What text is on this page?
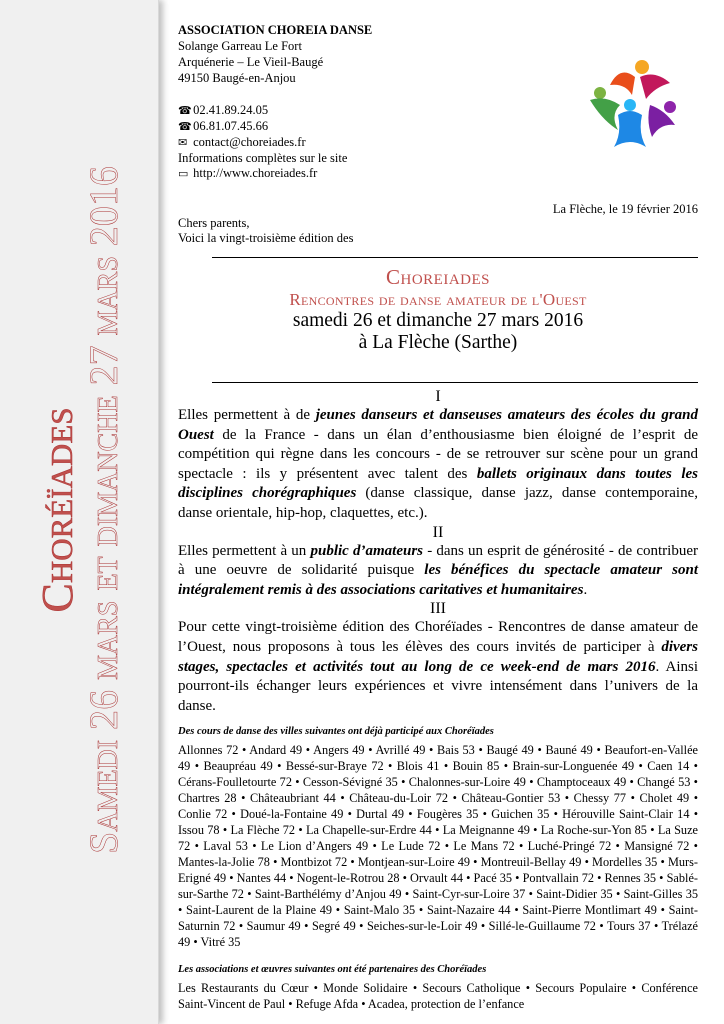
Choréïades Samedi 26 mars et dimanche 27 mars 2016
ASSOCIATION CHOREIA DANSE
Solange Garreau Le Fort
Arquénerie – Le Vieil-Baugé
49150 Baugé-en-Anjou
☎ 02.41.89.24.05
☎ 06.81.07.45.66
✉ contact@choreiades.fr
Informations complètes sur le site
▭ http://www.choreiades.fr
La Flèche, le 19 février 2016
Chers parents,
Voici la vingt-troisième édition des
Choreiades
Rencontres de danse amateur de l'Ouest
samedi 26 et dimanche 27 mars 2016
à La Flèche (Sarthe)
I

Elles permettent à de jeunes danseurs et danseuses amateurs des écoles du grand Ouest de la France - dans un élan d’enthousiasme bien éloigné de l’esprit de compétition qui règne dans les concours - de se retrouver sur scène pour un grand spectacle : ils y présentent avec talent des ballets originaux dans toutes les disciplines chorégraphiques (danse classique, danse jazz, danse contemporaine, danse orientale, hip-hop, claquettes, etc.).

II

Elles permettent à un public d’amateurs - dans un esprit de générosité - de contribuer à une oeuvre de solidarité puisque les bénéfices du spectacle amateur sont intégralement remis à des associations caritatives et humanitaires.

III

Pour cette vingt-troisième édition des Choréïades - Rencontres de danse amateur de l’Ouest, nous proposons à tous les élèves des cours invités de participer à divers stages, spectacles et activités tout au long de ce week-end de mars 2016. Ainsi pourront-ils échanger leurs expériences et vivre intensément dans l’univers de la danse.

Des cours de danse des villes suivantes ont déjà participé aux Choréïades
Allonnes 72 • Andard 49 • Angers 49 • Avrillé 49 • Bais 53 • Baugé 49 • Bauné 49 • Beaufort-en-Vallée 49 • Beaupréau 49 • Bessé-sur-Braye 72 • Blois 41 • Bouin 85 • Brain-sur-Longuenée 49 • Caen 14 • Cérans-Foulletourte 72 • Cesson-Sévigné 35 • Chalonnes-sur-Loire 49 • Champtoceaux 49 • Changé 53 • Chartres 28 • Châteaubriant 44 • Château-du-Loir 72 • Château-Gontier 53 • Chessy 77 • Cholet 49 • Conlie 72 • Doué-la-Fontaine 49 • Durtal 49 • Fougères 35 • Guichen 35 • Hérouville Saint-Clair 14 • Issou 78 • La Flèche 72 • La Chapelle-sur-Erdre 44 • La Meignanne 49 • La Roche-sur-Yon 85 • La Suze 72 • Laval 53 • Le Lion d’Angers 49 • Le Lude 72 • Le Mans 72 • Luché-Pringé 72 • Mansigné 72 • Mantes-la-Jolie 78 • Montbizot 72 • Montjean-sur-Loire 49 • Montreuil-Bellay 49 • Mordelles 35 • Murs-Erigné 49 • Nantes 44 • Nogent-le-Rotrou 28 • Orvault 44 • Pacé 35 • Pontvallain 72 • Rennes 35 • Sablé-sur-Sarthe 72 • Saint-Barthélémy d’Anjou 49 • Saint-Cyr-sur-Loire 37 • Saint-Didier 35 • Saint-Gilles 35 • Saint-Laurent de la Plaine 49 • Saint-Malo 35 • Saint-Nazaire 44 • Saint-Pierre Montlimart 49 • Saint-Saturnin 72 • Saumur 49 • Segré 49 • Seiches-sur-le-Loir 49 • Sillé-le-Guillaume 72 • Tours 37 • Trélazé 49 • Vitré 35
Les associations et œuvres suivantes ont été partenaires des Choréïades
Les Restaurants du Cœur • Monde Solidaire • Secours Catholique • Secours Populaire • Conférence Saint-Vincent de Paul • Refuge Afda • Acadea, protection de l’enfance
